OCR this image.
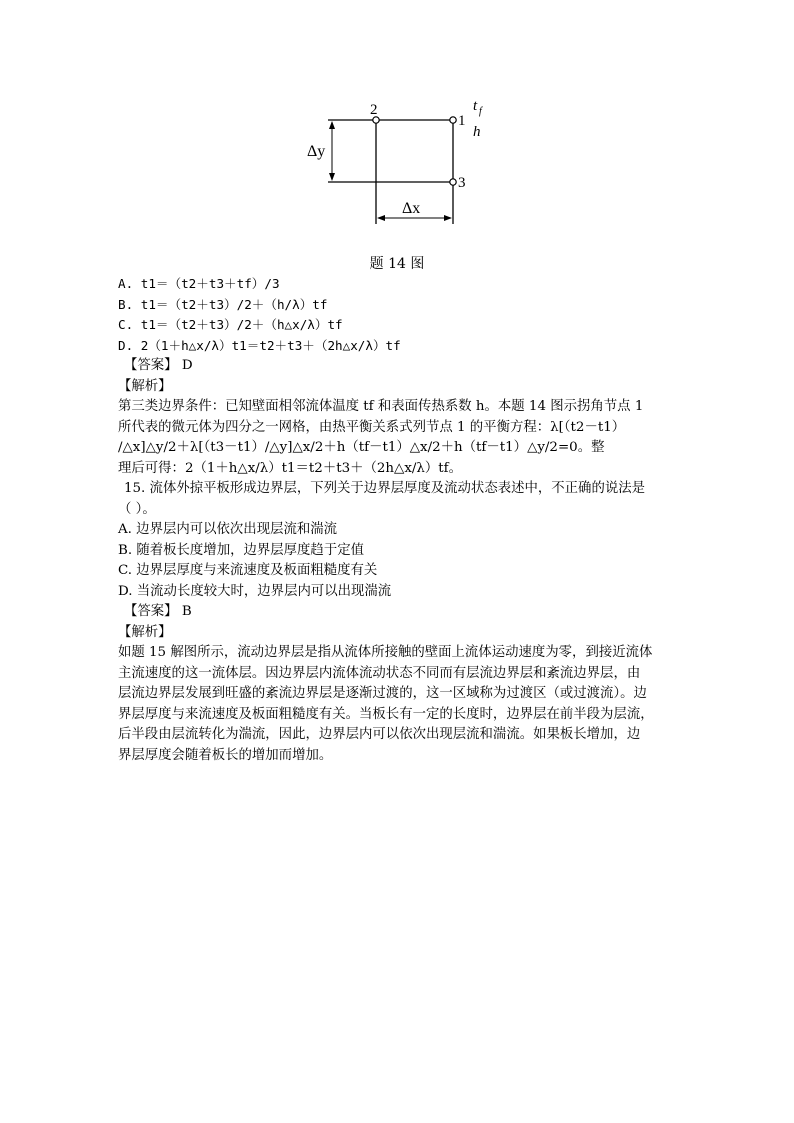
2
1
3
t f
h
Δy
Δx
题 14 图
A. t1＝（t2＋t3＋tf）/3
B. t1＝（t2＋t3）/2＋（h/λ）tf
C. t1＝（t2＋t3）/2＋（h△x/λ）tf
D. 2（1＋h△x/λ）t1＝t2＋t3＋（2h△x/λ）tf
【答案】 D
【解析】
第三类边界条件：已知壁面相邻流体温度 tf 和表面传热系数 h。本题 14 图示拐角节点 1
所代表的微元体为四分之一网格，由热平衡关系式列节点 1 的平衡方程：λ[（t2－t1）
/△x]△y/2＋λ[（t3－t1）/△y]△x/2＋h（tf－t1）△x/2＋h（tf－t1）△y/2=0。整
理后可得：2（1＋h△x/λ）t1＝t2＋t3＋（2h△x/λ）tf。
15. 流体外掠平板形成边界层，下列关于边界层厚度及流动状态表述中，不正确的说法是
（ ）。
A. 边界层内可以依次出现层流和湍流
B. 随着板长度增加，边界层厚度趋于定值
C. 边界层厚度与来流速度及板面粗糙度有关
D. 当流动长度较大时，边界层内可以出现湍流
【答案】 B
【解析】
如题 15 解图所示，流动边界层是指从流体所接触的壁面上流体运动速度为零，到接近流体
主流速度的这一流体层。因边界层内流体流动状态不同而有层流边界层和紊流边界层，由
层流边界层发展到旺盛的紊流边界层是逐渐过渡的，这一区域称为过渡区（或过渡流）。边
界层厚度与来流速度及板面粗糙度有关。当板长有一定的长度时，边界层在前半段为层流，
后半段由层流转化为湍流，因此，边界层内可以依次出现层流和湍流。如果板长增加，边
界层厚度会随着板长的增加而增加。
